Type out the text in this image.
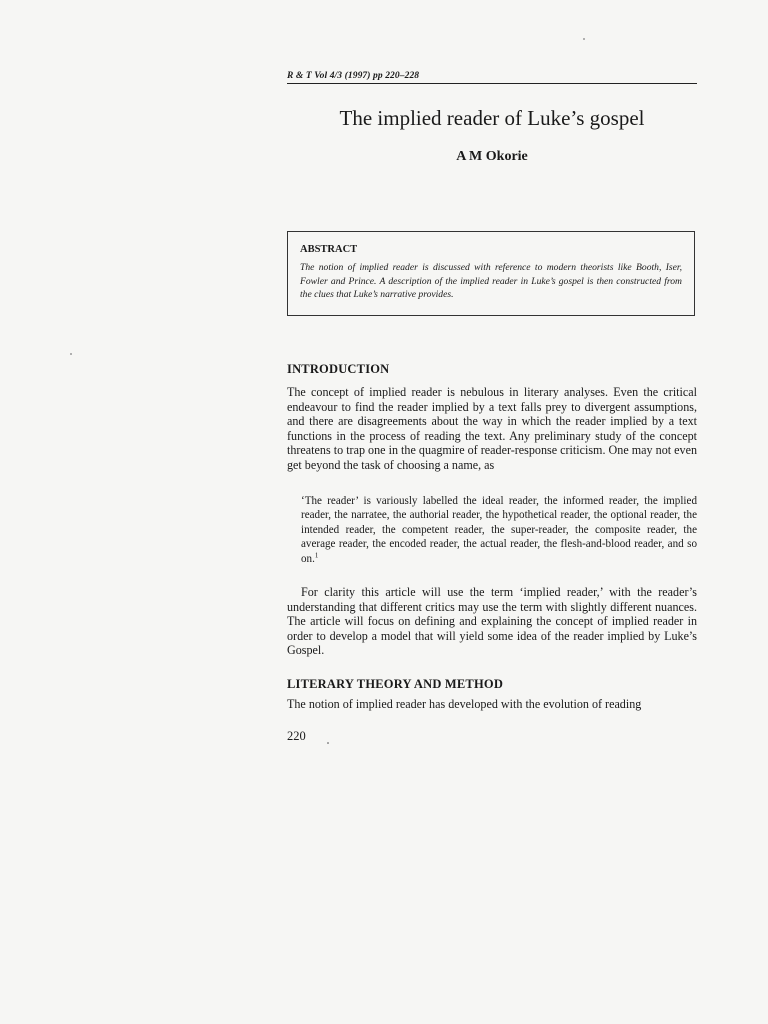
R & T Vol 4/3 (1997) pp 220–228
The implied reader of Luke’s gospel
A M Okorie

ABSTRACT

The notion of implied reader is discussed with reference to modern theorists like Booth, Iser, Fowler and Prince. A description of the implied reader in Luke’s gospel is then constructed from the clues that Luke’s narrative provides.

INTRODUCTION

The concept of implied reader is nebulous in literary analyses. Even the critical endeavour to find the reader implied by a text falls prey to divergent assumptions, and there are disagreements about the way in which the reader implied by a text functions in the process of reading the text. Any preliminary study of the concept threatens to trap one in the quagmire of reader-response criticism. One may not even get beyond the task of choosing a name, as

‘The reader’ is variously labelled the ideal reader, the informed reader, the implied reader, the narratee, the authorial reader, the hypothetical reader, the optional reader, the intended reader, the competent reader, the super-reader, the composite reader, the average reader, the encoded reader, the actual reader, the flesh-and-blood reader, and so on.$^1$

For clarity this article will use the term ‘implied reader,’ with the reader’s understanding that different critics may use the term with slightly different nuances. The article will focus on defining and explaining the concept of implied reader in order to develop a model that will yield some idea of the reader implied by Luke’s Gospel.

LITERARY THEORY AND METHOD

The notion of implied reader has developed with the evolution of reading

220
